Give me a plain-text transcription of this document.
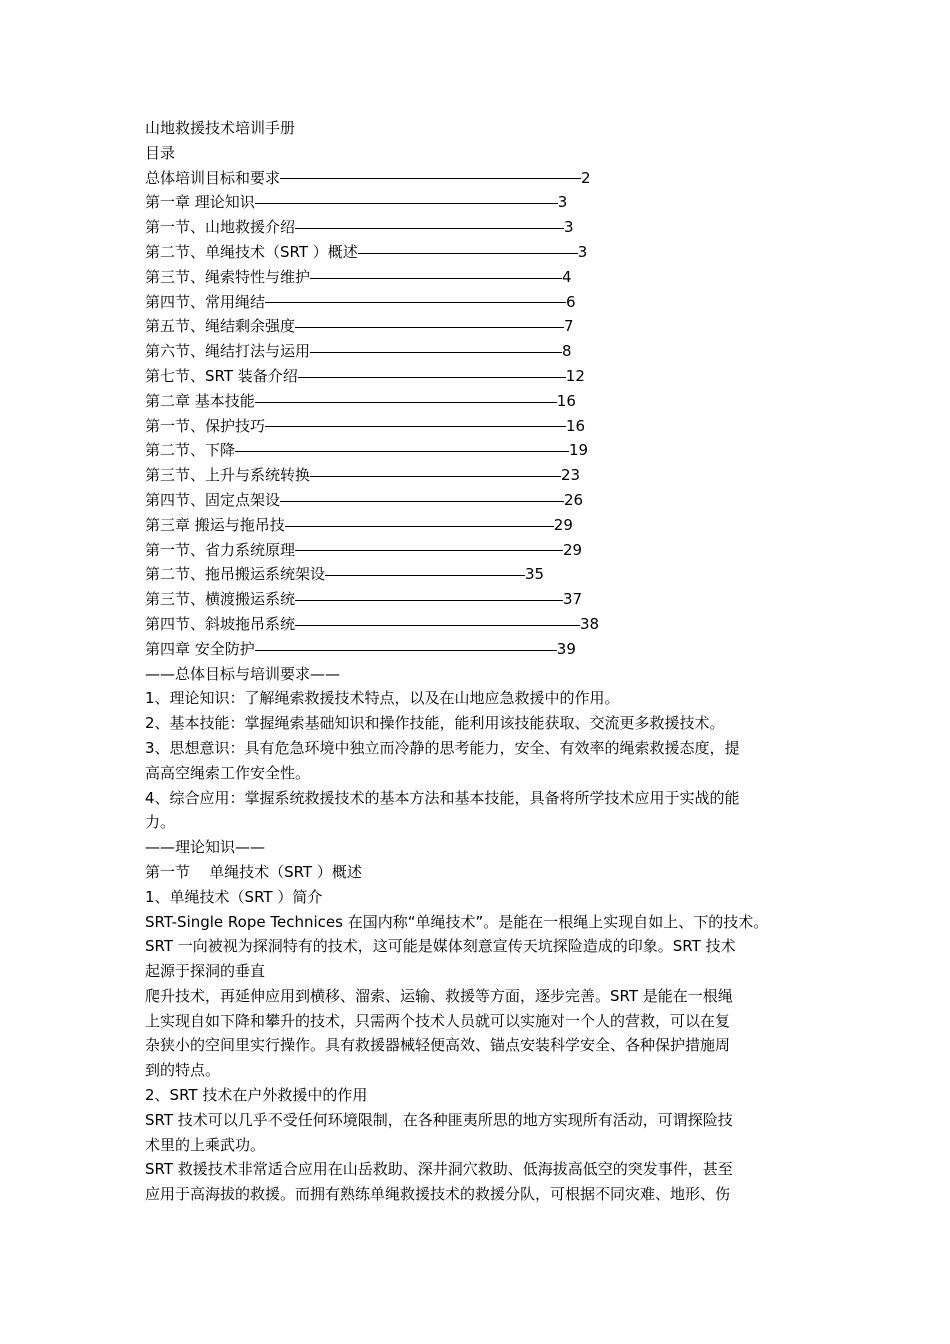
山地救援技术培训手册
目录
总体培训目标和要求	2
第一章 理论知识	3
第一节、山地救援介绍	3
第二节、单绳技术（SRT ）概述	3
第三节、绳索特性与维护	4
第四节、常用绳结	6
第五节、绳结剩余强度	7
第六节、绳结打法与运用	8
第七节、SRT 装备介绍	12
第二章 基本技能	16
第一节、保护技巧	16
第二节、下降	19
第三节、上升与系统转换	23
第四节、固定点架设	26
第三章 搬运与拖吊技	29
第一节、省力系统原理	29
第二节、拖吊搬运系统架设	35
第三节、横渡搬运系统	37
第四节、斜坡拖吊系统	38
第四章 安全防护	39
——总体目标与培训要求——
1、理论知识：了解绳索救援技术特点，以及在山地应急救援中的作用。
2、基本技能：掌握绳索基础知识和操作技能，能利用该技能获取、交流更多救援技术。
3、思想意识：具有危急环境中独立而冷静的思考能力，安全、有效率的绳索救援态度，提
高高空绳索工作安全性。
4、综合应用：掌握系统救援技术的基本方法和基本技能，具备将所学技术应用于实战的能
力。
——理论知识——
第一节    单绳技术（SRT ）概述
1、单绳技术（SRT ）简介
SRT-Single Rope Technices 在国内称“单绳技术”。是能在一根绳上实现自如上、下的技术。
SRT 一向被视为探洞特有的技术，这可能是媒体刻意宣传天坑探险造成的印象。SRT 技术
起源于探洞的垂直
爬升技术，再延伸应用到横移、溜索、运输、救援等方面，逐步完善。SRT 是能在一根绳
上实现自如下降和攀升的技术，只需两个技术人员就可以实施对一个人的营救，可以在复
杂狭小的空间里实行操作。具有救援器械轻便高效、锚点安装科学安全、各种保护措施周
到的特点。
2、SRT 技术在户外救援中的作用
SRT 技术可以几乎不受任何环境限制，在各种匪夷所思的地方实现所有活动，可谓探险技
术里的上乘武功。
SRT 救援技术非常适合应用在山岳救助、深井洞穴救助、低海拔高低空的突发事件，甚至
应用于高海拔的救援。而拥有熟练单绳救援技术的救援分队，可根据不同灾难、地形、伤
